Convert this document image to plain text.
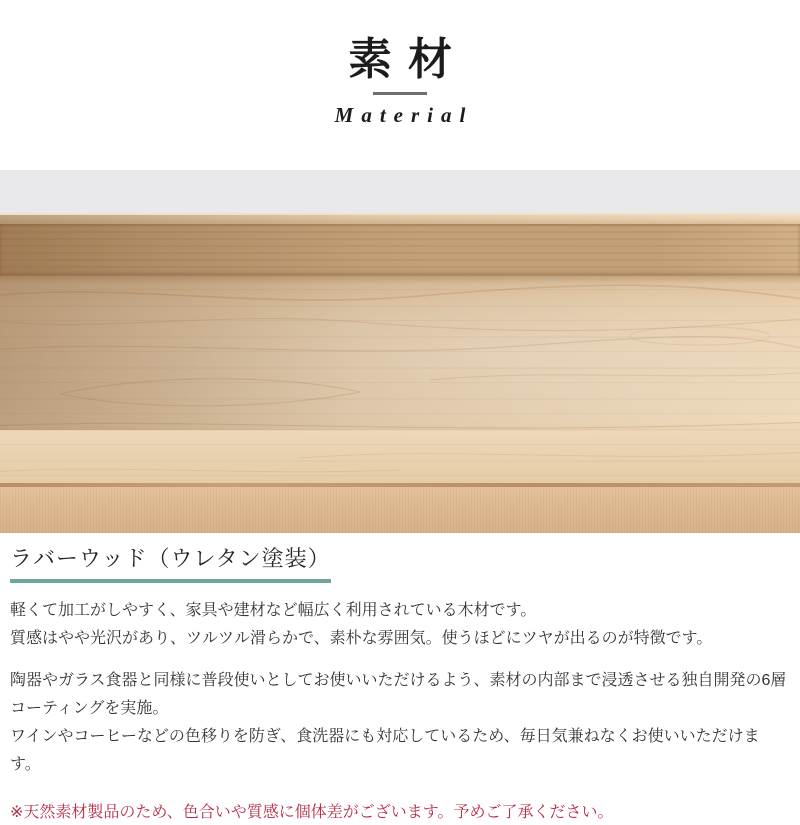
素材
Material
ラバーウッド（ウレタン塗装）

軽くて加工がしやすく、家具や建材など幅広く利用されている木材です。
質感はやや光沢があり、ツルツル滑らかで、素朴な雰囲気。使うほどにツヤが出るのが特徴です。

陶器やガラス食器と同様に普段使いとしてお使いいただけるよう、素材の内部まで浸透させる独自開発の6層
コーティングを実施。
ワインやコーヒーなどの色移りを防ぎ、食洗器にも対応しているため、毎日気兼ねなくお使いいただけます。

※天然素材製品のため、色合いや質感に個体差がございます。予めご了承ください。
